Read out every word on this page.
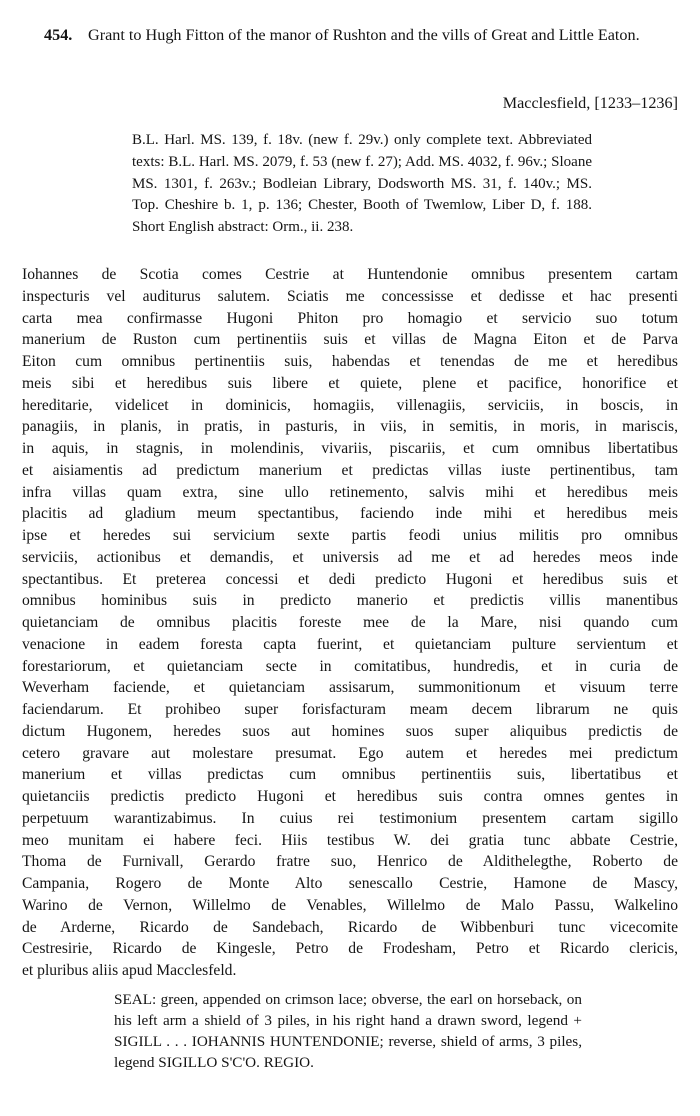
454. Grant to Hugh Fitton of the manor of Rushton and the vills of Great and Little Eaton.
Macclesfield, [1233–1236]
B.L. Harl. MS. 139, f. 18v. (new f. 29v.) only complete text. Abbreviated texts: B.L. Harl. MS. 2079, f. 53 (new f. 27); Add. MS. 4032, f. 96v.; Sloane MS. 1301, f. 263v.; Bodleian Library, Dodsworth MS. 31, f. 140v.; MS. Top. Cheshire b. 1, p. 136; Chester, Booth of Twemlow, Liber D, f. 188. Short English abstract: Orm., ii. 238.
Iohannes de Scotia comes Cestrie at Huntendonie omnibus presentem cartam
inspecturis vel auditurus salutem. Sciatis me concessisse et dedisse et hac presenti
carta mea confirmasse Hugoni Phiton pro homagio et servicio suo totum
manerium de Ruston cum pertinentiis suis et villas de Magna Eiton et de Parva
Eiton cum omnibus pertinentiis suis, habendas et tenendas de me et heredibus
meis sibi et heredibus suis libere et quiete, plene et pacifice, honorifice et
hereditarie, videlicet in dominicis, homagiis, villenagiis, serviciis, in boscis, in
panagiis, in planis, in pratis, in pasturis, in viis, in semitis, in moris, in mariscis,
in aquis, in stagnis, in molendinis, vivariis, piscariis, et cum omnibus libertatibus
et aisiamentis ad predictum manerium et predictas villas iuste pertinentibus, tam
infra villas quam extra, sine ullo retinemento, salvis mihi et heredibus meis
placitis ad gladium meum spectantibus, faciendo inde mihi et heredibus meis
ipse et heredes sui servicium sexte partis feodi unius militis pro omnibus
serviciis, actionibus et demandis, et universis ad me et ad heredes meos inde
spectantibus. Et preterea concessi et dedi predicto Hugoni et heredibus suis et
omnibus hominibus suis in predicto manerio et predictis villis manentibus
quietanciam de omnibus placitis foreste mee de la Mare, nisi quando cum
venacione in eadem foresta capta fuerint, et quietanciam pulture servientum et
forestariorum, et quietanciam secte in comitatibus, hundredis, et in curia de
Weverham faciende, et quietanciam assisarum, summonitionum et visuum terre
faciendarum. Et prohibeo super forisfacturam meam decem librarum ne quis
dictum Hugonem, heredes suos aut homines suos super aliquibus predictis de
cetero gravare aut molestare presumat. Ego autem et heredes mei predictum
manerium et villas predictas cum omnibus pertinentiis suis, libertatibus et
quietanciis predictis predicto Hugoni et heredibus suis contra omnes gentes in
perpetuum warantizabimus. In cuius rei testimonium presentem cartam sigillo
meo munitam ei habere feci. Hiis testibus W. dei gratia tunc abbate Cestrie,
Thoma de Furnivall, Gerardo fratre suo, Henrico de Aldithelegthe, Roberto de
Campania, Rogero de Monte Alto senescallo Cestrie, Hamone de Mascy,
Warino de Vernon, Willelmo de Venables, Willelmo de Malo Passu, Walkelino
de Arderne, Ricardo de Sandebach, Ricardo de Wibbenburi tunc vicecomite
Cestresirie, Ricardo de Kingesle, Petro de Frodesham, Petro et Ricardo clericis,
et pluribus aliis apud Macclesfeld.
SEAL: green, appended on crimson lace; obverse, the earl on horseback, on his left arm a shield of 3 piles, in his right hand a drawn sword, legend + SIGILL . . . IOHANNIS HUNTENDONIE; reverse, shield of arms, 3 piles, legend SIGILLO S'C'O. REGIO.
